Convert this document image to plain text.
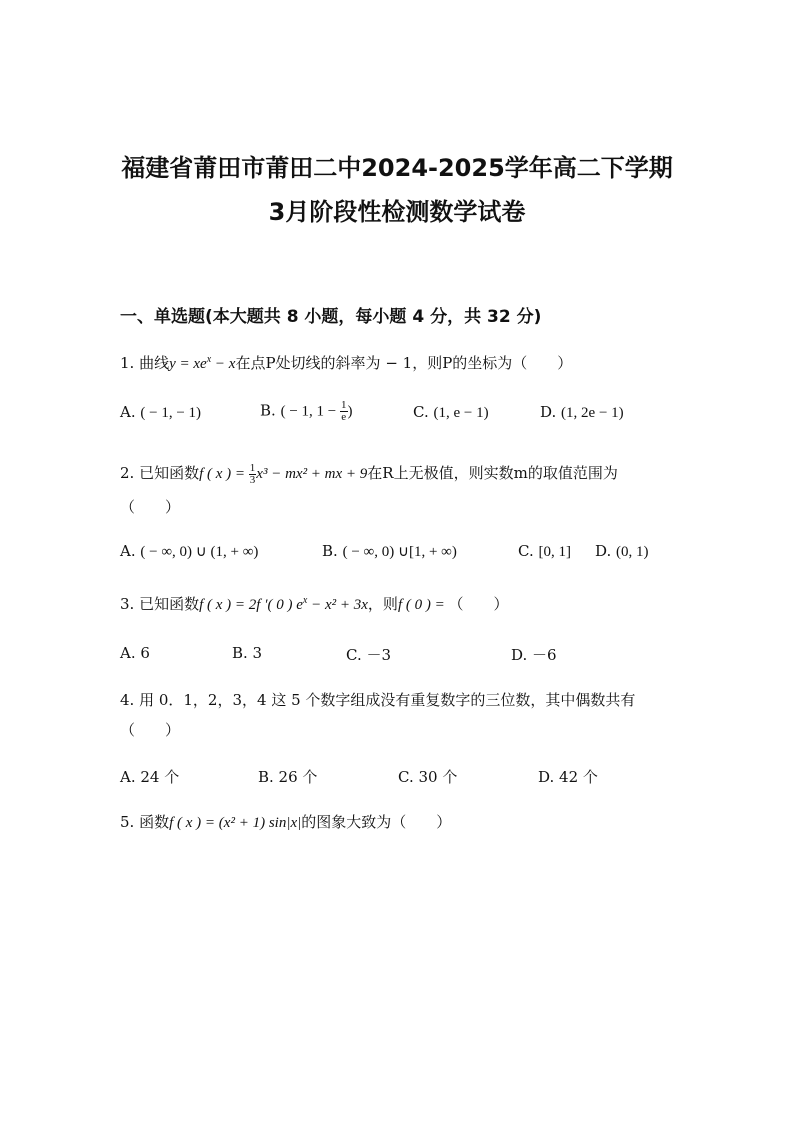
福建省莆田市莆田二中2024-2025学年高二下学期
3月阶段性检测数学试卷
一、单选题(本大题共 8 小题，每小题 4 分，共 32 分)
1. 曲线$y = xe^x - x$在点P处切线的斜率为 − 1，则P的坐标为（　　）
A. ( − 1, − 1)	B. ( − 1, $1 - \frac{1}{e}$ )	C. (1, e − 1)	D. (1, 2e − 1)
2. 已知函数f ( x ) = $\frac{1}{3} x^3 - mx^2$ + mx + 9在R上无极值，则实数m的取值范围为
（　　）
A. ( − ∞, 0) ∪ (1, + ∞)	B. ( − ∞, 0) ∪[1, + ∞)	C. [0, 1] D. (0, 1)
3. 已知函数f ( x ) = 2f ′( 0 ) $e^x - x^2 + 3x$，则f ( 0 ) = （　　）
A. 6	B. 3	C. －3	D. －6
4. 用 0．1，2，3，4 这 5 个数字组成没有重复数字的三位数，其中偶数共有
（　　）
A. 24 个	B. 26 个	C. 30 个	D. 42 个
5. 函数f ( x ) = (x² + 1) sin|x|的图象大致为（　　）
